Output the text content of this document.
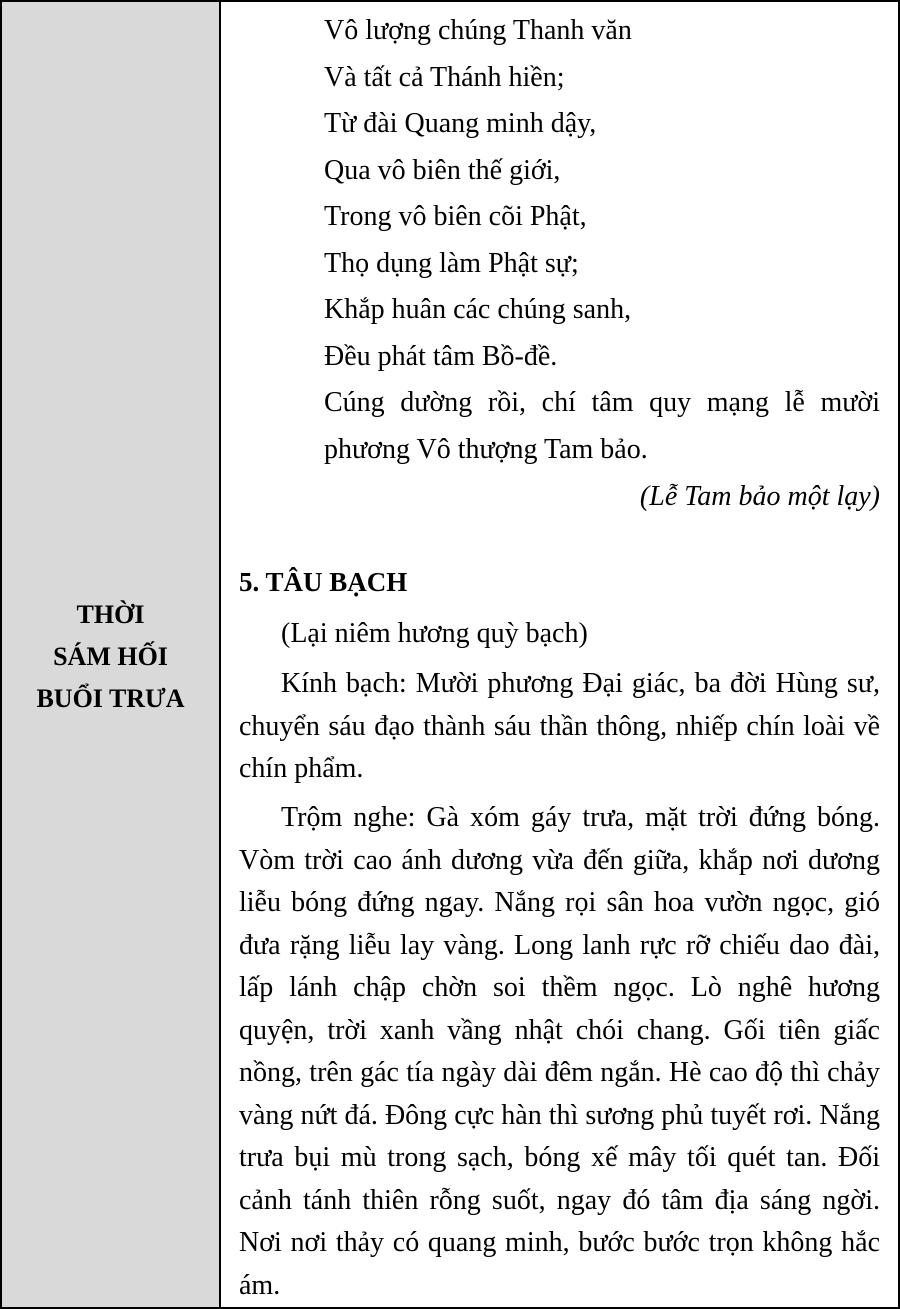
THỜI
SÁM HỐI
BUỔI TRƯA
Vô lượng chúng Thanh văn
Và tất cả Thánh hiền;
Từ đài Quang minh dậy,
Qua vô biên thế giới,
Trong vô biên cõi Phật,
Thọ dụng làm Phật sự;
Khắp huân các chúng sanh,
Đều phát tâm Bồ-đề.
Cúng dường rồi, chí tâm quy mạng lễ mười phương Vô thượng Tam bảo.
(Lễ Tam bảo một lạy)
5. TÂU BẠCH
(Lại niêm hương quỳ bạch)
Kính bạch: Mười phương Đại giác, ba đời Hùng sư, chuyển sáu đạo thành sáu thần thông, nhiếp chín loài về chín phẩm.
Trộm nghe: Gà xóm gáy trưa, mặt trời đứng bóng. Vòm trời cao ánh dương vừa đến giữa, khắp nơi dương liễu bóng đứng ngay. Nắng rọi sân hoa vườn ngọc, gió đưa rặng liễu lay vàng. Long lanh rực rỡ chiếu dao đài, lấp lánh chập chờn soi thềm ngọc. Lò nghê hương quyện, trời xanh vầng nhật chói chang. Gối tiên giấc nồng, trên gác tía ngày dài đêm ngắn. Hè cao độ thì chảy vàng nứt đá. Đông cực hàn thì sương phủ tuyết rơi. Nắng trưa bụi mù trong sạch, bóng xế mây tối quét tan. Đối cảnh tánh thiên rỗng suốt, ngay đó tâm địa sáng ngời. Nơi nơi thảy có quang minh, bước bước trọn không hắc ám.
